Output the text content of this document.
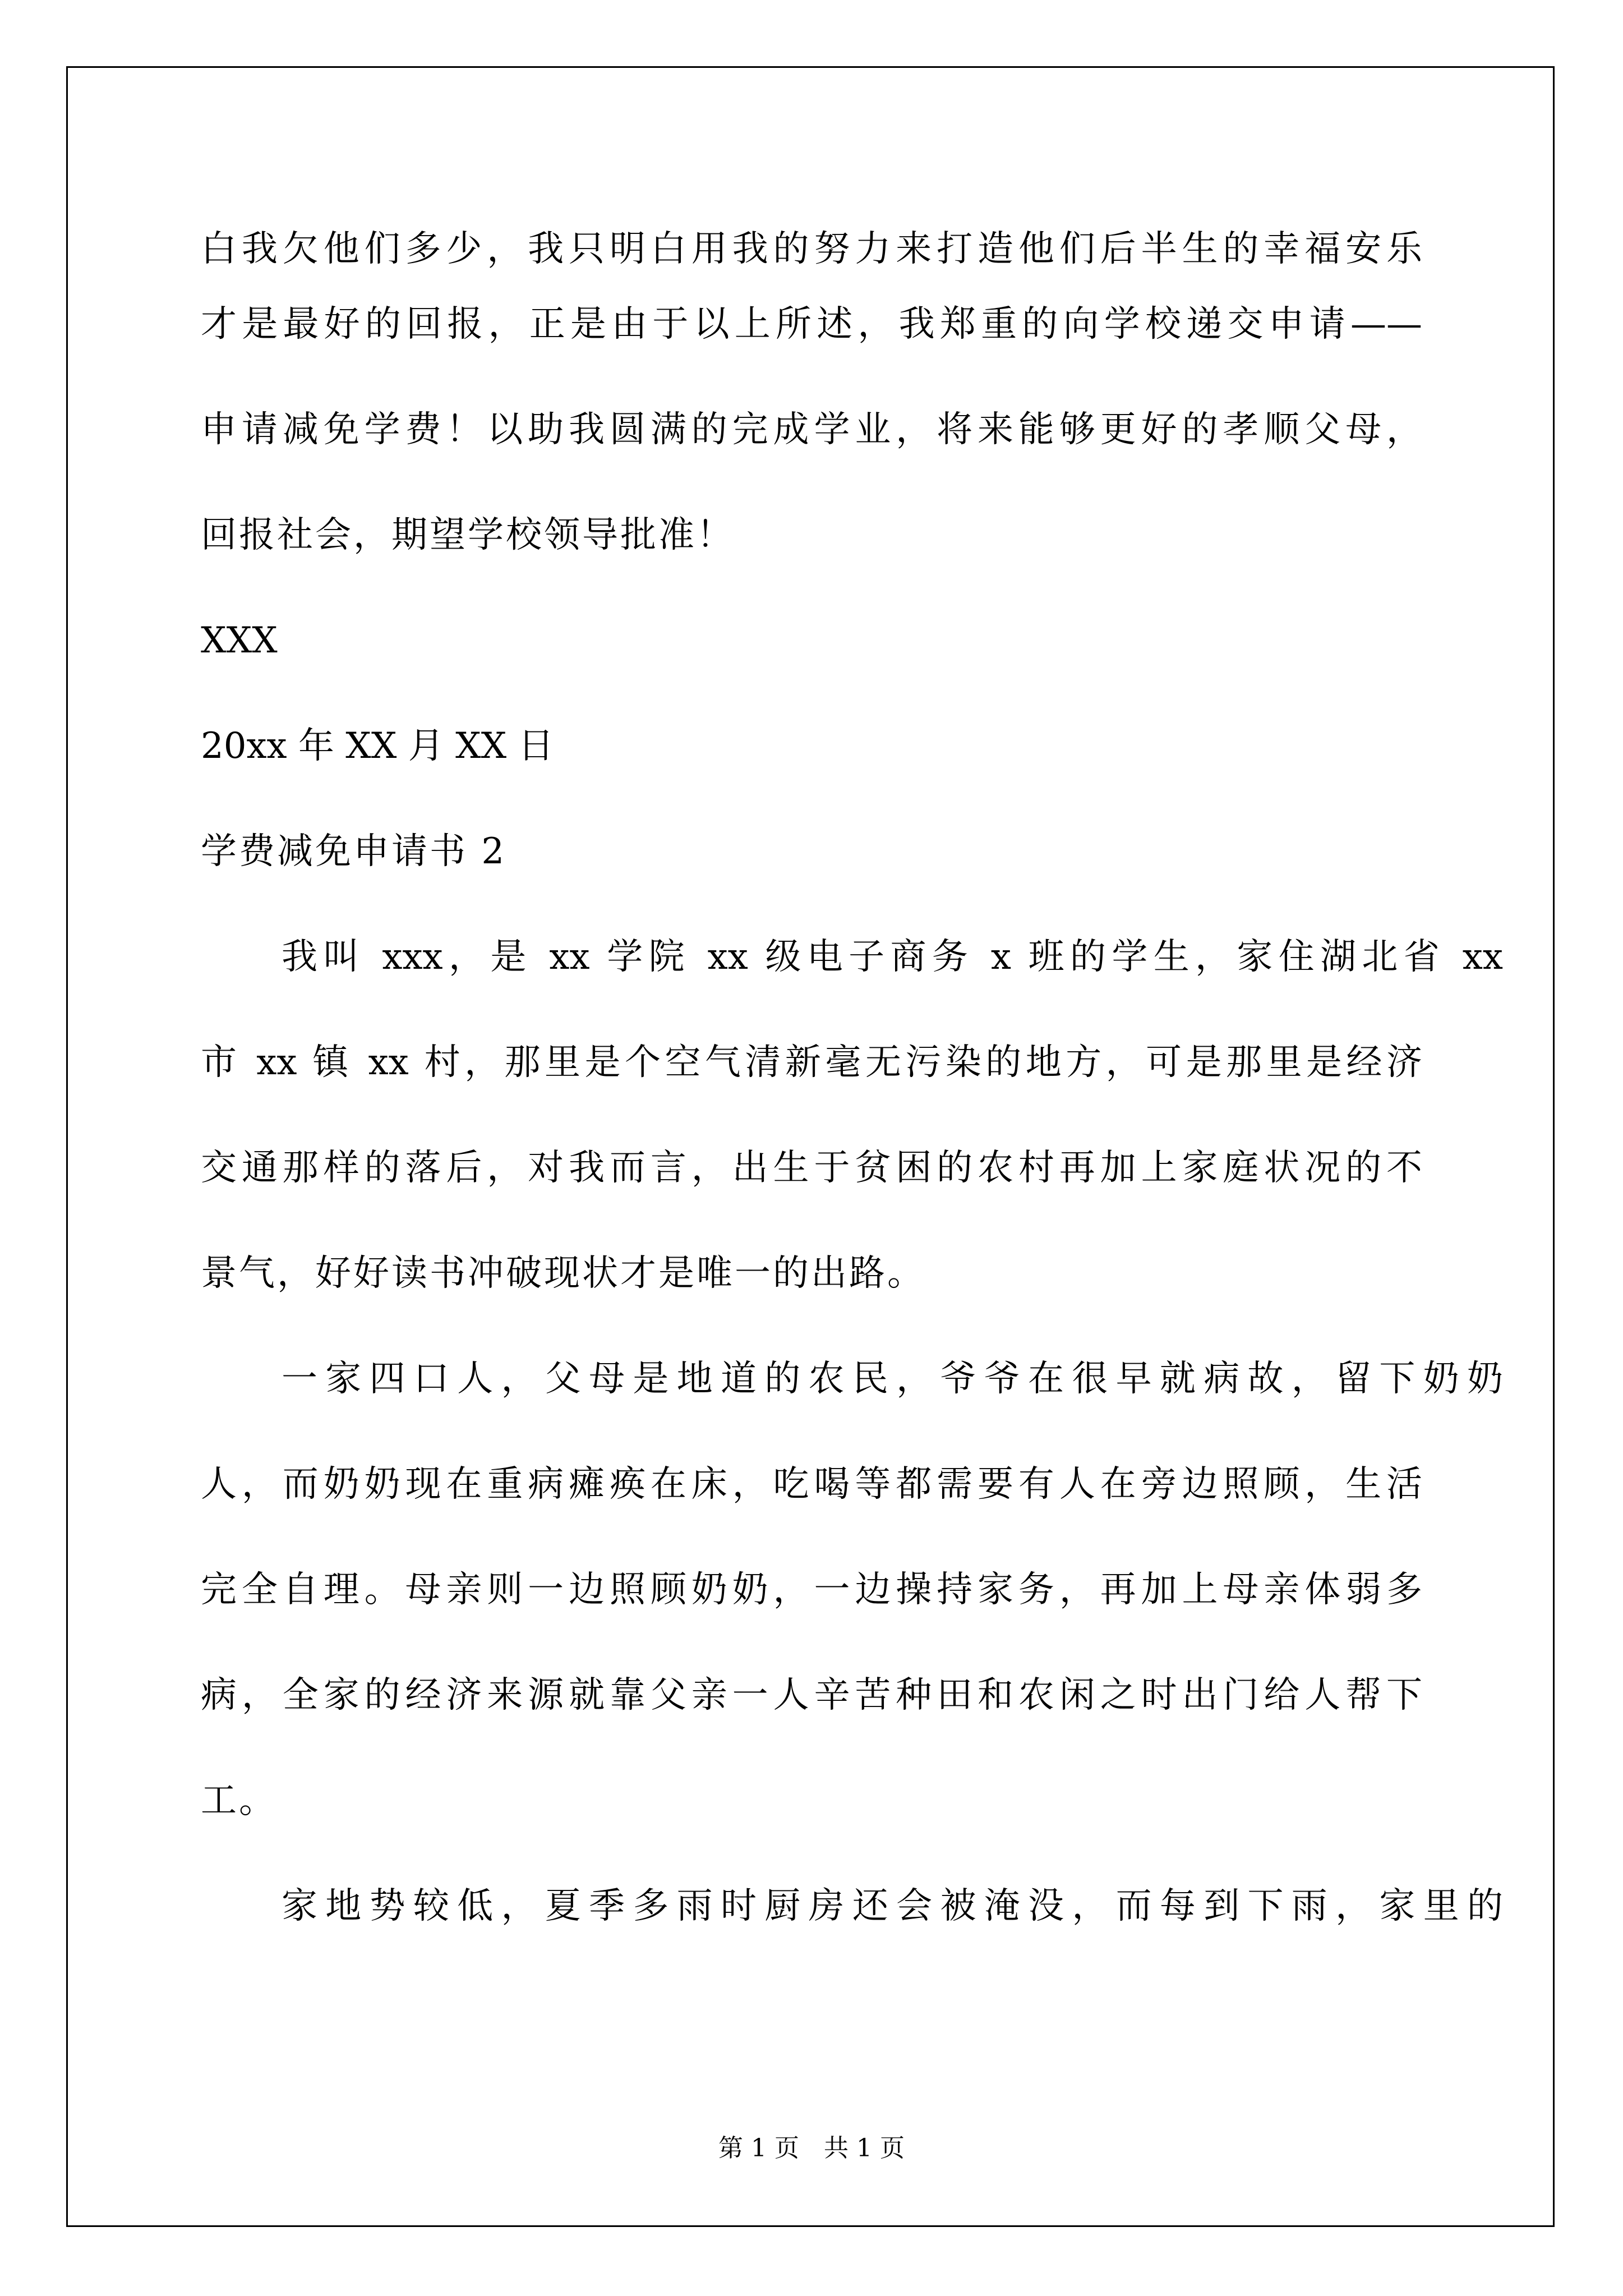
白我欠他们多少，我只明白用我的努力来打造他们后半生的幸福安乐
才是最好的回报，正是由于以上所述，我郑重的向学校递交申请——
申请减免学费！以助我圆满的完成学业，将来能够更好的孝顺父母，
回报社会，期望学校领导批准！
XXX
20xx 年 XX 月 XX 日
学费减免申请书 2
我叫 xxx，是 xx 学院 xx 级电子商务 x 班的学生，家住湖北省 xx
市 xx 镇 xx 村，那里是个空气清新毫无污染的地方，可是那里是经济
交通那样的落后，对我而言，出生于贫困的农村再加上家庭状况的不
景气，好好读书冲破现状才是唯一的出路。
一家四口人，父母是地道的农民，爷爷在很早就病故，留下奶奶
人，而奶奶现在重病瘫痪在床，吃喝等都需要有人在旁边照顾，生活
完全自理。母亲则一边照顾奶奶，一边操持家务，再加上母亲体弱多
病，全家的经济来源就靠父亲一人辛苦种田和农闲之时出门给人帮下
工。
家地势较低，夏季多雨时厨房还会被淹没，而每到下雨，家里的
第 1 页　共 1 页
